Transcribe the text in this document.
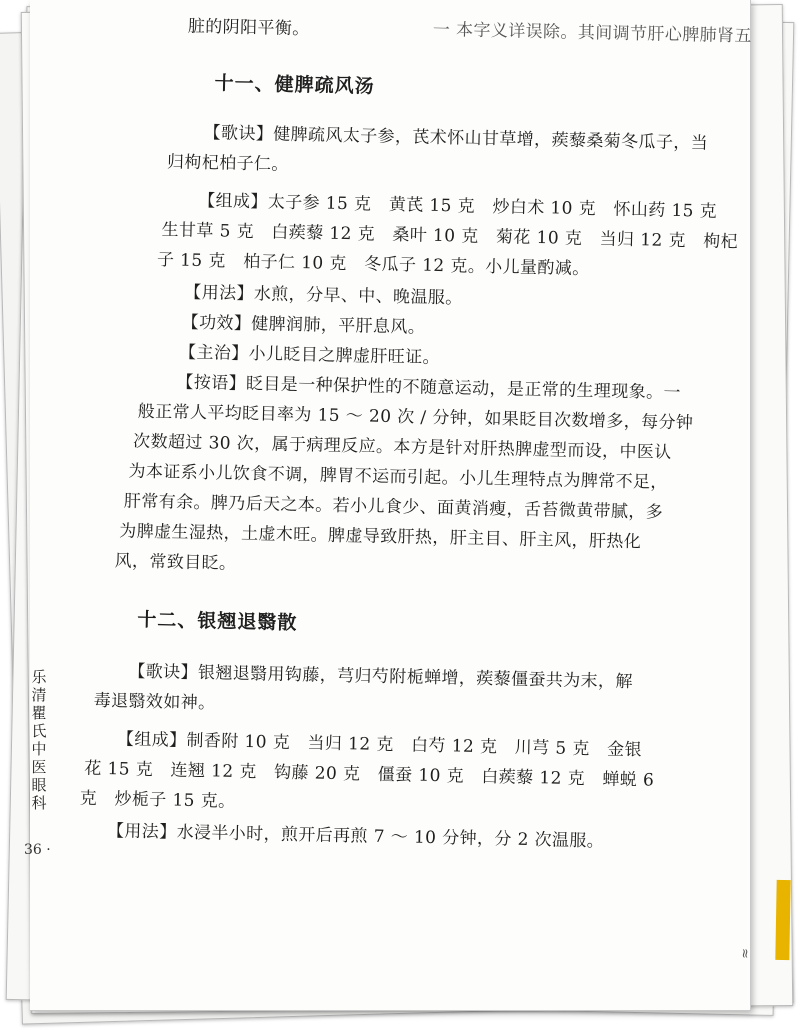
脏的阴阳平衡。	一 本字义详误除。其间调节肝心脾肺肾五
十一、健脾疏风汤
【歌诀】健脾疏风太子参，芪术怀山甘草增，蒺藜桑菊冬瓜子，当
归枸杞柏子仁。
【组成】太子参 15 克　黄芪 15 克　炒白术 10 克　怀山药 15 克
生甘草 5 克　白蒺藜 12 克　桑叶 10 克　菊花 10 克　当归 12 克　枸杞
子 15 克　柏子仁 10 克　冬瓜子 12 克。小儿量酌减。
【用法】水煎，分早、中、晚温服。
【功效】健脾润肺，平肝息风。
【主治】小儿眨目之脾虚肝旺证。
【按语】眨目是一种保护性的不随意运动，是正常的生理现象。一
般正常人平均眨目率为 15 ～ 20 次 / 分钟，如果眨目次数增多，每分钟
次数超过 30 次，属于病理反应。本方是针对肝热脾虚型而设，中医认
为本证系小儿饮食不调，脾胃不运而引起。小儿生理特点为脾常不足，
肝常有余。脾乃后天之本。若小儿食少、面黄消瘦，舌苔微黄带腻，多
为脾虚生湿热，土虚木旺。脾虚导致肝热，肝主目、肝主风，肝热化
风，常致目眨。
十二、银翘退翳散
【歌诀】银翘退翳用钩藤，芎归芍附栀蝉增，蒺藜僵蚕共为末，解
毒退翳效如神。
【组成】制香附 10 克　当归 12 克　白芍 12 克　川芎 5 克　金银
花 15 克　连翘 12 克　钩藤 20 克　僵蚕 10 克　白蒺藜 12 克　蝉蜕 6
克　炒栀子 15 克。
【用法】水浸半小时，煎开后再煎 7 ～ 10 分钟，分 2 次温服。
乐清瞿氏中医眼科
36 ·
≈
